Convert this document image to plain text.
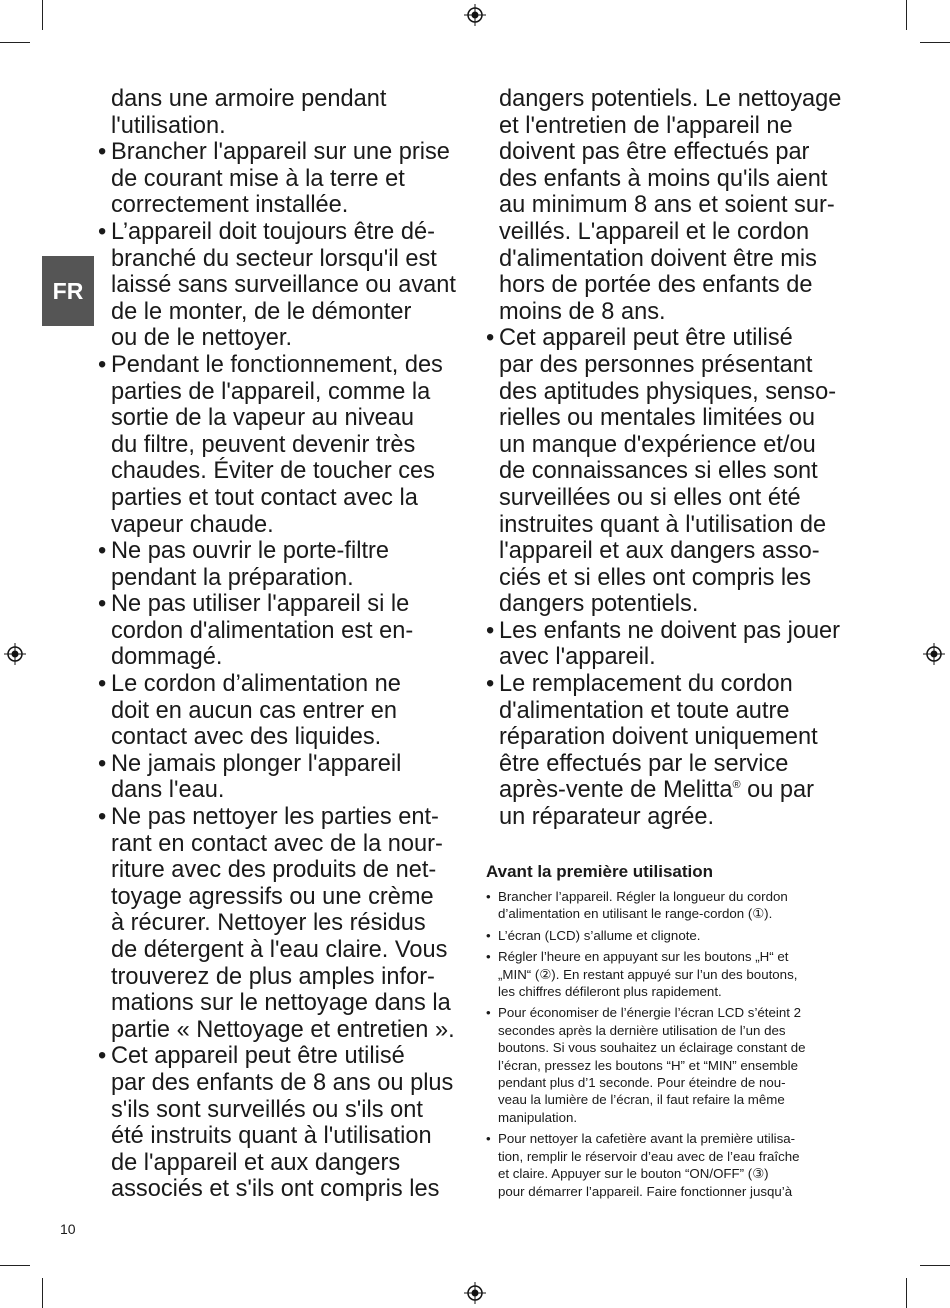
FR
dans une armoire pendant
l'utilisation.
• Brancher l'appareil sur une prise
de courant mise à la terre et
correctement installée.
• L’appareil doit toujours être dé-
branché du secteur lorsqu'il est
laissé sans surveillance ou avant
de le monter, de le démonter
ou de le nettoyer.
• Pendant le fonctionnement, des
parties de l'appareil, comme la
sortie de la vapeur au niveau
du filtre, peuvent devenir très
chaudes. Éviter de toucher ces
parties et tout contact avec la
vapeur chaude.
• Ne pas ouvrir le porte-filtre
pendant la préparation.
• Ne pas utiliser l'appareil si le
cordon d'alimentation est en-
dommagé.
• Le cordon d’alimentation ne
doit en aucun cas entrer en
contact avec des liquides.
• Ne jamais plonger l'appareil
dans l'eau.
• Ne pas nettoyer les parties ent-
rant en contact avec de la nour-
riture avec des produits de net-
toyage agressifs ou une crème
à récurer. Nettoyer les résidus
de détergent à l'eau claire. Vous
trouverez de plus amples infor-
mations sur le nettoyage dans la
partie « Nettoyage et entretien ».
• Cet appareil peut être utilisé
par des enfants de 8 ans ou plus
s'ils sont surveillés ou s'ils ont
été instruits quant à l'utilisation
de l'appareil et aux dangers
associés et s'ils ont compris les
dangers potentiels. Le nettoyage
et l'entretien de l'appareil ne
doivent pas être effectués par
des enfants à moins qu'ils aient
au minimum 8 ans et soient sur-
veillés. L'appareil et le cordon
d'alimentation doivent être mis
hors de portée des enfants de
moins de 8 ans.
• Cet appareil peut être utilisé
par des personnes présentant
des aptitudes physiques, senso-
rielles ou mentales limitées ou
un manque d'expérience et/ou
de connaissances si elles sont
surveillées ou si elles ont été
instruites quant à l'utilisation de
l'appareil et aux dangers asso-
ciés et si elles ont compris les
dangers potentiels.
• Les enfants ne doivent pas jouer
avec l'appareil.
• Le remplacement du cordon
d'alimentation et toute autre
réparation doivent uniquement
être effectués par le service
après-vente de Melitta® ou par
un réparateur agrée.
Avant la première utilisation
• Brancher l’appareil. Régler la longueur du cordon
d’alimentation en utilisant le range-cordon (①).
• L’écran (LCD) s’allume et clignote.
• Régler l’heure en appuyant sur les boutons „H“ et
„MIN“ (②). En restant appuyé sur l’un des boutons,
les chiffres défileront plus rapidement.
• Pour économiser de l’énergie l’écran LCD s’éteint 2
secondes après la dernière utilisation de l’un des
boutons. Si vous souhaitez un éclairage constant de
l’écran, pressez les boutons “H” et “MIN” ensemble
pendant plus d’1 seconde. Pour éteindre de nou-
veau la lumière de l’écran, il faut refaire la même
manipulation.
• Pour nettoyer la cafetière avant la première utilisa-
tion, remplir le réservoir d’eau avec de l’eau fraîche
et claire. Appuyer sur le bouton “ON/OFF” (③)
pour démarrer l’appareil. Faire fonctionner jusqu’à
10
